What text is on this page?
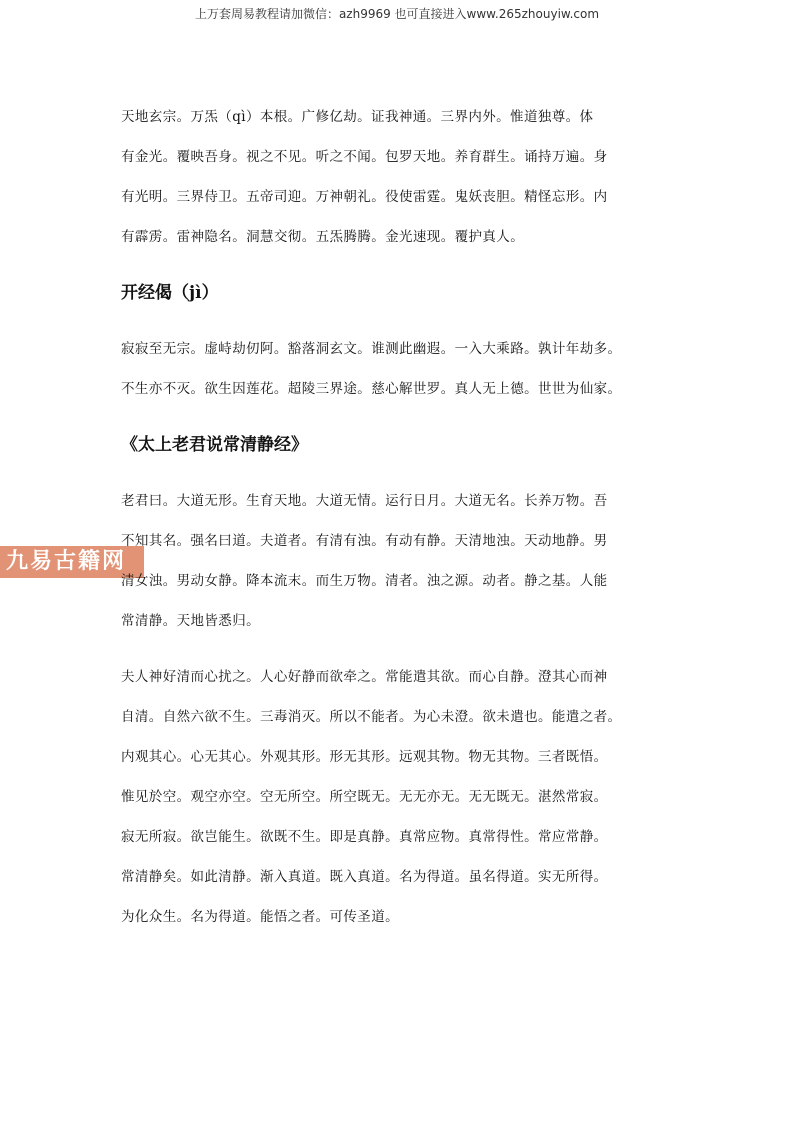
上万套周易教程请加微信：azh9969 也可直接进入www.265zhouyiw.com
九易古籍网
天地玄宗。万炁（qì）本根。广修亿劫。证我神通。三界内外。惟道独尊。体
有金光。覆映吾身。视之不见。听之不闻。包罗天地。养育群生。诵持万遍。身
有光明。三界侍卫。五帝司迎。万神朝礼。役使雷霆。鬼妖丧胆。精怪忘形。内
有霹雳。雷神隐名。洞慧交彻。五炁腾腾。金光速现。覆护真人。
开经偈（jì）
寂寂至无宗。虚峙劫仞阿。豁落洞玄文。谁测此幽遐。一入大乘路。孰计年劫多。
不生亦不灭。欲生因莲花。超陵三界途。慈心解世罗。真人无上德。世世为仙家。
《太上老君说常清静经》
老君曰。大道无形。生育天地。大道无情。运行日月。大道无名。长养万物。吾
不知其名。强名曰道。夫道者。有清有浊。有动有静。天清地浊。天动地静。男
清女浊。男动女静。降本流末。而生万物。清者。浊之源。动者。静之基。人能
常清静。天地皆悉归。
夫人神好清而心扰之。人心好静而欲牵之。常能遣其欲。而心自静。澄其心而神
自清。自然六欲不生。三毒消灭。所以不能者。为心未澄。欲未遣也。能遣之者。
内观其心。心无其心。外观其形。形无其形。远观其物。物无其物。三者既悟。
惟见於空。观空亦空。空无所空。所空既无。无无亦无。无无既无。湛然常寂。
寂无所寂。欲岂能生。欲既不生。即是真静。真常应物。真常得性。常应常静。
常清静矣。如此清静。渐入真道。既入真道。名为得道。虽名得道。实无所得。
为化众生。名为得道。能悟之者。可传圣道。
